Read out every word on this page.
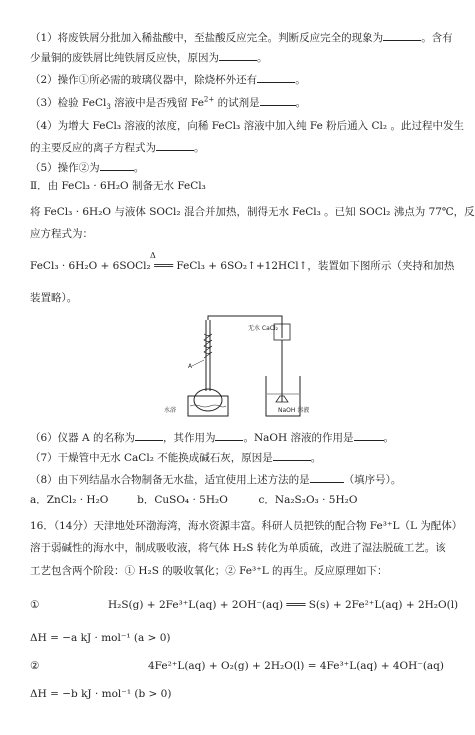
（1）将废铁屑分批加入稀盐酸中，至盐酸反应完全。判断反应完全的现象为	。含有
少量铜的废铁屑比纯铁屑反应快，原因为	。
（2）操作①所必需的玻璃仪器中，除烧杯外还有	。
（3）检验 FeCl$_3$ 溶液中是否残留 $Fe^{2+}$ 的试剂是	。
（4）为增大 FeCl₃ 溶液的浓度，向稀 FeCl₃ 溶液中加入纯 Fe 粉后通入 Cl₂ 。此过程中发生
的主要反应的离子方程式为	。
（5）操作②为	。
Ⅱ．由 FeCl₃ · 6H₂O 制备无水 FeCl₃
将 FeCl₃ · 6H₂O 与液体 SOCl₂ 混合并加热，制得无水 FeCl₃ 。已知 SOCl₂ 沸点为 77℃，反
应方程式为：
FeCl₃ · 6H₂O + 6SOCl₂ ═══ FeCl₃ + 6SO₂↑+12HCl↑，装置如下图所示（夹持和加热
Δ
装置略）。
A
无水 CaCl₂
水浴	NaOH 溶液
（6）仪器 A 的名称为	，其作用为	。NaOH 溶液的作用是	。
（7）干燥管中无水 CaCl₂ 不能换成碱石灰，原因是	。
（8）由下列结晶水合物制备无水盐，适宜使用上述方法的是	（填序号）。
a．ZnCl₂ · H₂O	b．CuSO₄ · 5H₂O	c．Na₂S₂O₃ · 5H₂O
16．（14分）天津地处环渤海湾，海水资源丰富。科研人员把铁的配合物 Fe³⁺L（L 为配体）
溶于弱碱性的海水中，制成吸收液，将气体 H₂S 转化为单质硫，改进了湿法脱硫工艺。该
工艺包含两个阶段：① H₂S 的吸收氧化；② Fe³⁺L 的再生。反应原理如下：
①	H₂S(g) + 2Fe³⁺L(aq) + 2OH⁻(aq) ═══ S(s) + 2Fe²⁺L(aq) + 2H₂O(l)
ΔH = −a kJ · mol⁻¹ (a > 0)
②	4Fe²⁺L(aq) + O₂(g) + 2H₂O(l) = 4Fe³⁺L(aq) + 4OH⁻(aq)
ΔH = −b kJ · mol⁻¹ (b > 0)
